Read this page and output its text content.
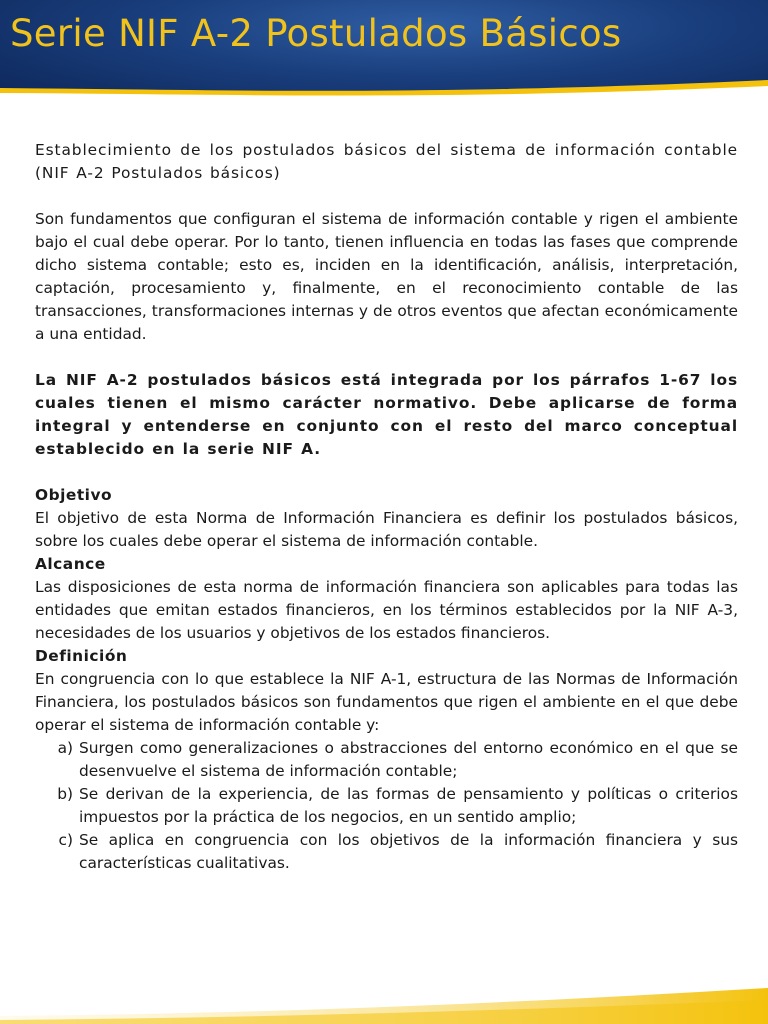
Serie NIF A-2 Postulados Básicos

Establecimiento de los postulados básicos del sistema de información contable (NIF A-2 Postulados básicos)

Son fundamentos que configuran el sistema de información contable y rigen el ambiente bajo el cual debe operar. Por lo tanto, tienen influencia en todas las fases que comprende dicho sistema contable; esto es, inciden en la identificación, análisis, interpretación, captación, procesamiento y, finalmente, en el reconocimiento contable de las transacciones, transformaciones internas y de otros eventos que afectan económicamente a una entidad.

La NIF A-2 postulados básicos está integrada por los párrafos 1-67 los cuales tienen el mismo carácter normativo. Debe aplicarse de forma integral y entenderse en conjunto con el resto del marco conceptual establecido en la serie NIF A.

Objetivo

El objetivo de esta Norma de Información Financiera es definir los postulados básicos, sobre los cuales debe operar el sistema de información contable.

Alcance

Las disposiciones de esta norma de información financiera son aplicables para todas las entidades que emitan estados financieros, en los términos establecidos por la NIF A-3, necesidades de los usuarios y objetivos de los estados financieros.

Definición

En congruencia con lo que establece la NIF A-1, estructura de las Normas de Información Financiera, los postulados básicos son fundamentos que rigen el ambiente en el que debe operar el sistema de información contable y:

a) Surgen como generalizaciones o abstracciones del entorno económico en el que se desenvuelve el sistema de información contable;
b) Se derivan de la experiencia, de las formas de pensamiento y políticas o criterios impuestos por la práctica de los negocios, en un sentido amplio;
c) Se aplica en congruencia con los objetivos de la información financiera y sus características cualitativas.
